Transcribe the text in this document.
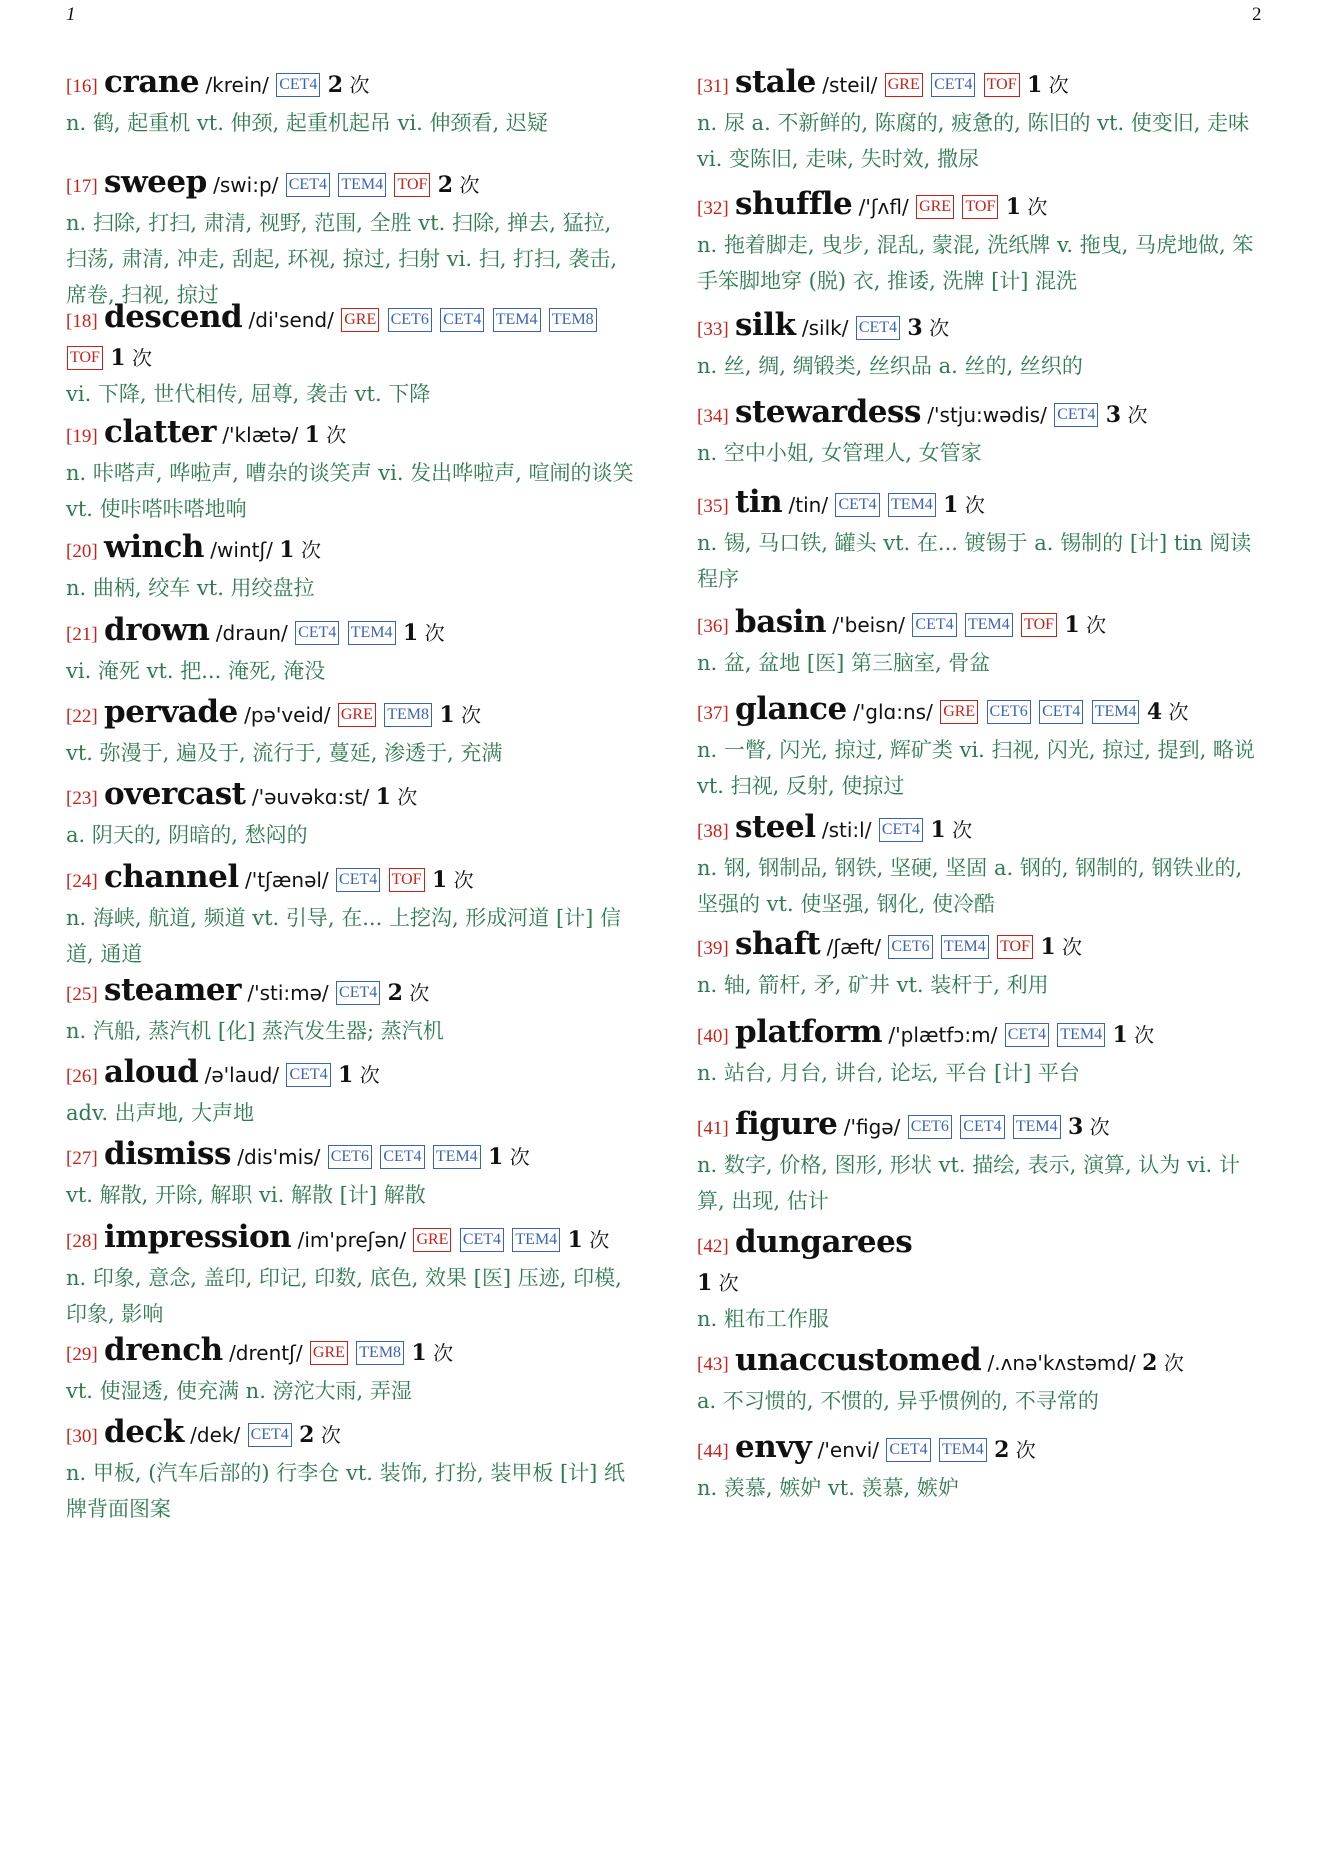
1	2
[16] crane /krein/ CET4 2 次
n. 鹤, 起重机 vt. 伸颈, 起重机起吊 vi. 伸颈看, 迟疑
[17] sweep /swi:p/ CET4 TEM4 TOF 2 次
n. 扫除, 打扫, 肃清, 视野, 范围, 全胜 vt. 扫除, 掸去, 猛拉, 扫荡, 肃清, 冲走, 刮起, 环视, 掠过, 扫射 vi. 扫, 打扫, 袭击, 席卷, 扫视, 掠过
[18] descend /di'send/ GRE CET6 CET4 TEM4 TEM8 TOF 1 次
vi. 下降, 世代相传, 屈尊, 袭击 vt. 下降
[19] clatter /'klætə/ 1 次
n. 咔嗒声, 哗啦声, 嘈杂的谈笑声 vi. 发出哗啦声, 喧闹的谈笑 vt. 使咔嗒咔嗒地响
[20] winch /wintʃ/ 1 次
n. 曲柄, 绞车 vt. 用绞盘拉
[21] drown /draun/ CET4 TEM4 1 次
vi. 淹死 vt. 把... 淹死, 淹没
[22] pervade /pə'veid/ GRE TEM8 1 次
vt. 弥漫于, 遍及于, 流行于, 蔓延, 渗透于, 充满
[23] overcast /'əuvəkɑ:st/ 1 次
a. 阴天的, 阴暗的, 愁闷的
[24] channel /'tʃænəl/ CET4 TOF 1 次
n. 海峡, 航道, 频道 vt. 引导, 在... 上挖沟, 形成河道 [计] 信道, 通道
[25] steamer /'sti:mə/ CET4 2 次
n. 汽船, 蒸汽机 [化] 蒸汽发生器; 蒸汽机
[26] aloud /ə'laud/ CET4 1 次
adv. 出声地, 大声地
[27] dismiss /dis'mis/ CET6 CET4 TEM4 1 次
vt. 解散, 开除, 解职 vi. 解散 [计] 解散
[28] impression /im'preʃən/ GRE CET4 TEM4 1 次
n. 印象, 意念, 盖印, 印记, 印数, 底色, 效果 [医] 压迹, 印模, 印象, 影响
[29] drench /drentʃ/ GRE TEM8 1 次
vt. 使湿透, 使充满 n. 滂沱大雨, 弄湿
[30] deck /dek/ CET4 2 次
n. 甲板, (汽车后部的) 行李仓 vt. 装饰, 打扮, 装甲板 [计] 纸牌背面图案
[31] stale /steil/ GRE CET4 TOF 1 次
n. 尿 a. 不新鲜的, 陈腐的, 疲惫的, 陈旧的 vt. 使变旧, 走味 vi. 变陈旧, 走味, 失时效, 撒尿
[32] shuffle /'ʃʌfl/ GRE TOF 1 次
n. 拖着脚走, 曳步, 混乱, 蒙混, 洗纸牌 v. 拖曳, 马虎地做, 笨手笨脚地穿 (脱) 衣, 推诿, 洗牌 [计] 混洗
[33] silk /silk/ CET4 3 次
n. 丝, 绸, 绸锻类, 丝织品 a. 丝的, 丝织的
[34] stewardess /'stju:wədis/ CET4 3 次
n. 空中小姐, 女管理人, 女管家
[35] tin /tin/ CET4 TEM4 1 次
n. 锡, 马口铁, 罐头 vt. 在... 镀锡于 a. 锡制的 [计] tin 阅读程序
[36] basin /'beisn/ CET4 TEM4 TOF 1 次
n. 盆, 盆地 [医] 第三脑室, 骨盆
[37] glance /'glɑ:ns/ GRE CET6 CET4 TEM4 4 次
n. 一瞥, 闪光, 掠过, 辉矿类 vi. 扫视, 闪光, 掠过, 提到, 略说 vt. 扫视, 反射, 使掠过
[38] steel /sti:l/ CET4 1 次
n. 钢, 钢制品, 钢铁, 坚硬, 坚固 a. 钢的, 钢制的, 钢铁业的, 坚强的 vt. 使坚强, 钢化, 使冷酷
[39] shaft /ʃæft/ CET6 TEM4 TOF 1 次
n. 轴, 箭杆, 矛, 矿井 vt. 装杆于, 利用
[40] platform /'plætfɔ:m/ CET4 TEM4 1 次
n. 站台, 月台, 讲台, 论坛, 平台 [计] 平台
[41] figure /'figə/ CET6 CET4 TEM4 3 次
n. 数字, 价格, 图形, 形状 vt. 描绘, 表示, 演算, 认为 vi. 计算, 出现, 估计
[42] dungarees
1 次
n. 粗布工作服
[43] unaccustomed /.ʌnə'kʌstəmd/ 2 次
a. 不习惯的, 不惯的, 异乎惯例的, 不寻常的
[44] envy /'envi/ CET4 TEM4 2 次
n. 羡慕, 嫉妒 vt. 羡慕, 嫉妒
